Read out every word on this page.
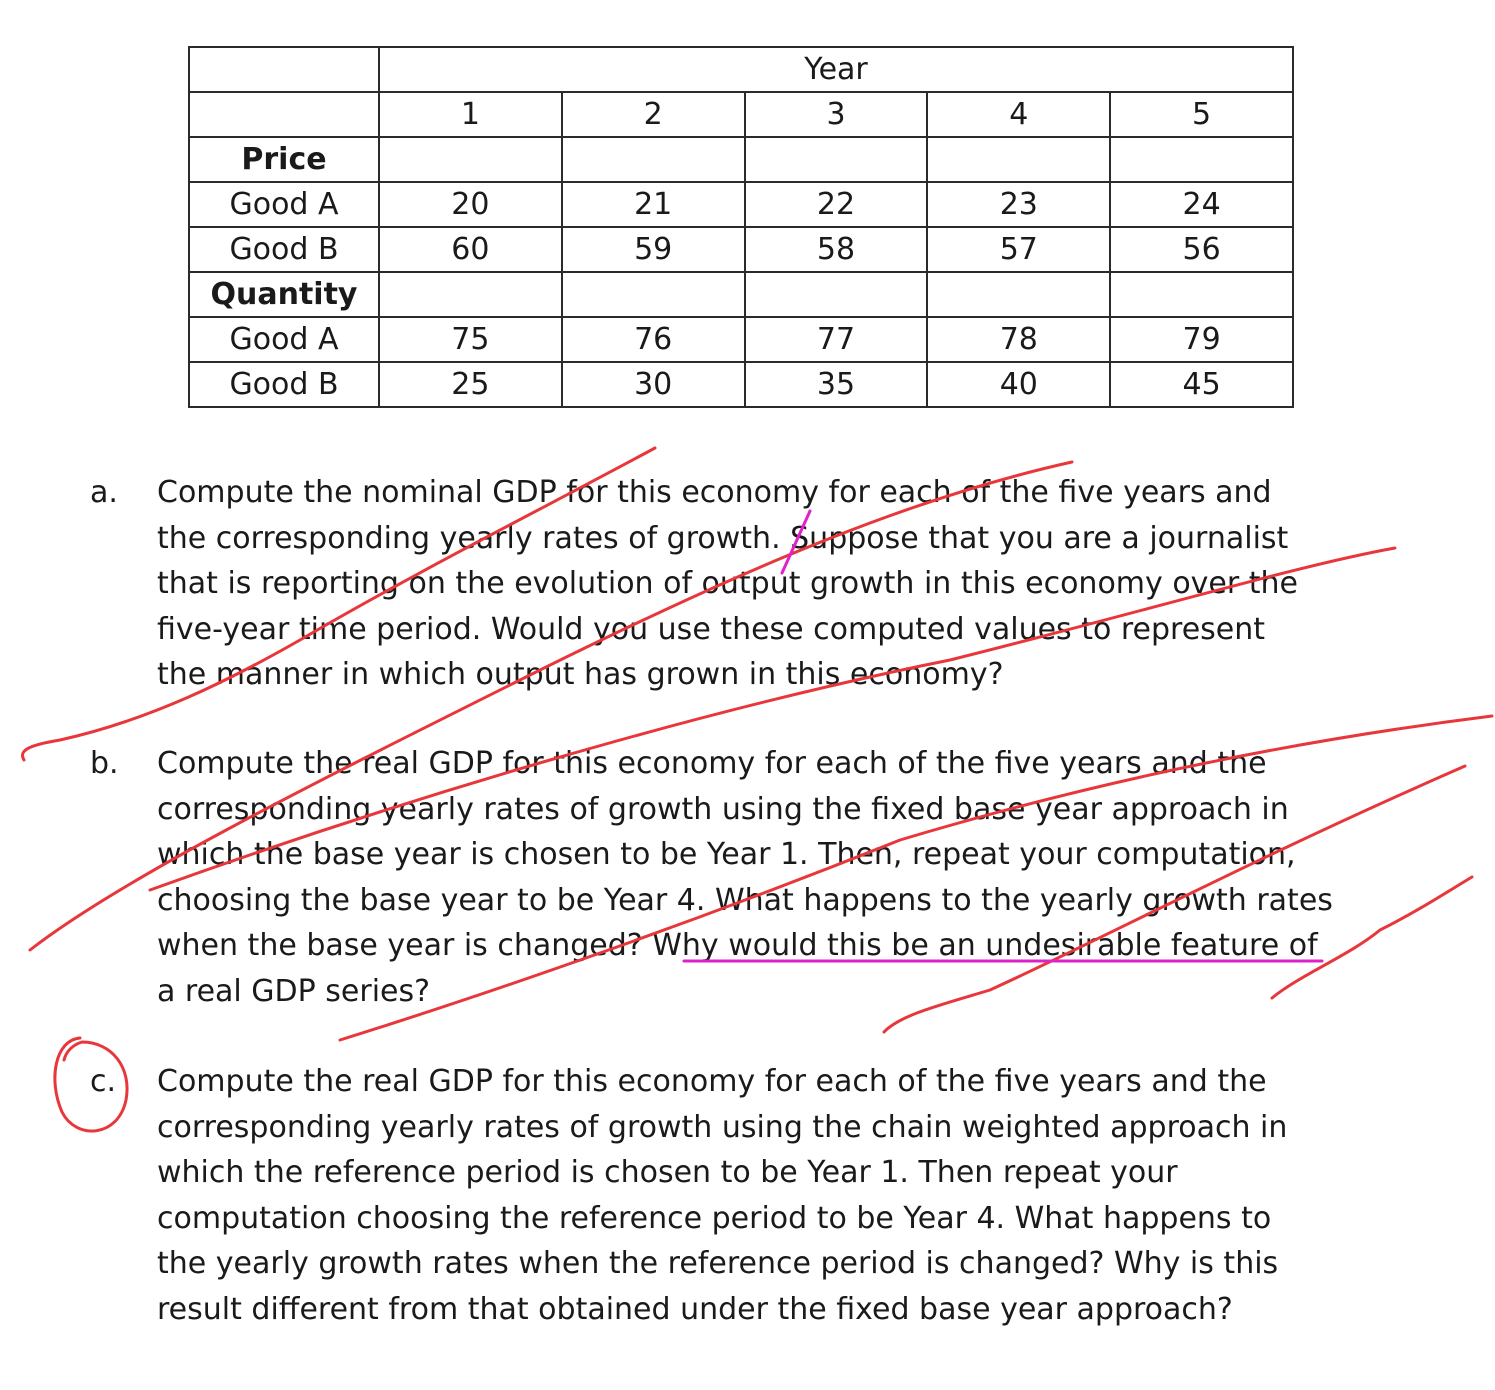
	Year				
	1	2	3	4	5
Price					
Good A	20	21	22	23	24
Good B	60	59	58	57	56
Quantity					
Good A	75	76	77	78	79
Good B	25	30	35	40	45
a. Compute the nominal GDP for this economy for each of the five years and
the corresponding yearly rates of growth. Suppose that you are a journalist
that is reporting on the evolution of output growth in this economy over the
five-year time period. Would you use these computed values to represent
the manner in which output has grown in this economy?
b. Compute the real GDP for this economy for each of the five years and the
corresponding yearly rates of growth using the fixed base year approach in
which the base year is chosen to be Year 1. Then, repeat your computation,
choosing the base year to be Year 4. What happens to the yearly growth rates
when the base year is changed? Why would this be an undesirable feature of
a real GDP series?
c. Compute the real GDP for this economy for each of the five years and the
corresponding yearly rates of growth using the chain weighted approach in
which the reference period is chosen to be Year 1. Then repeat your
computation choosing the reference period to be Year 4. What happens to
the yearly growth rates when the reference period is changed? Why is this
result different from that obtained under the fixed base year approach?
